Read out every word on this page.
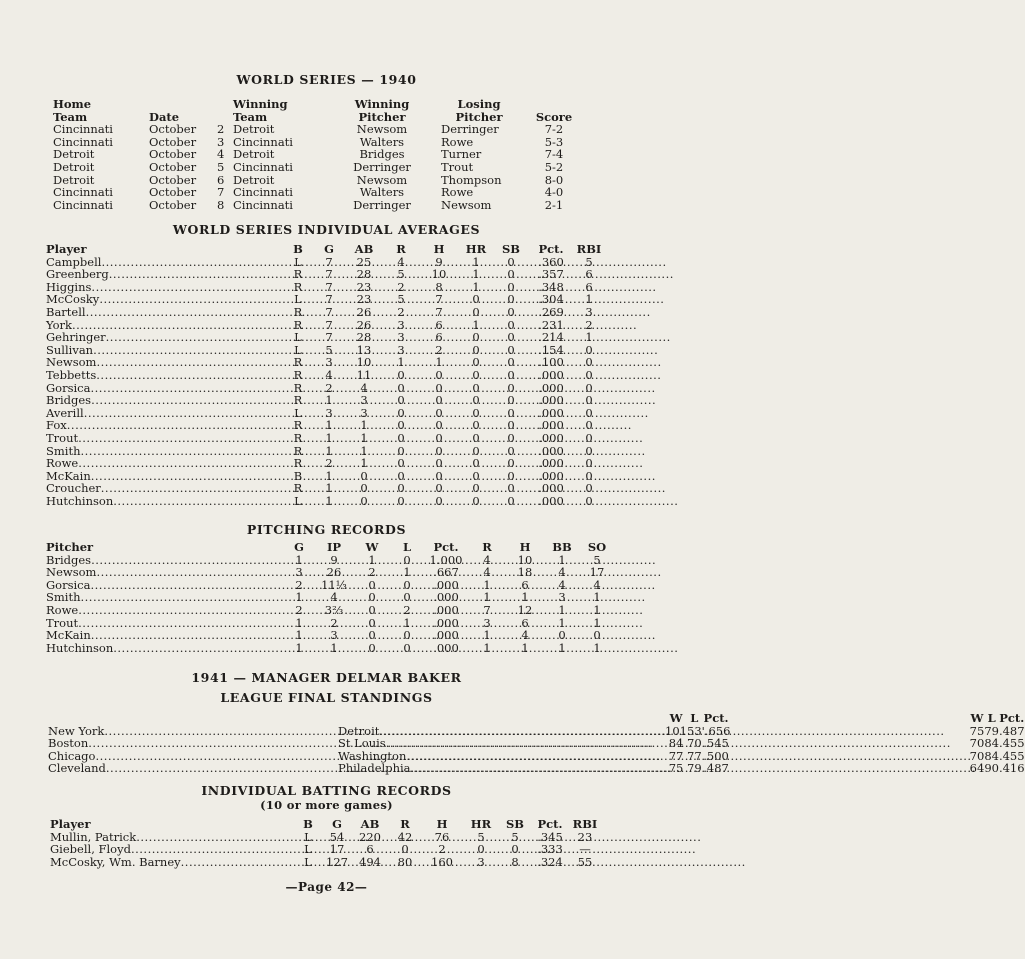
WORLD SERIES — 1940
Home			Winning	Winning	Losing	
Team	Date		Team	Pitcher	Pitcher	Score
Cincinnati	October	2	Detroit	Newsom	Derringer	7-2
Cincinnati	October	3	Cincinnati	Walters	Rowe	5-3
Detroit	October	4	Detroit	Bridges	Turner	7-4
Detroit	October	5	Cincinnati	Derringer	Trout	5-2
Detroit	October	6	Detroit	Newsom	Thompson	8-0
Cincinnati	October	7	Cincinnati	Walters	Rowe	4-0
Cincinnati	October	8	Cincinnati	Derringer	Newsom	2-1
WORLD SERIES INDIVIDUAL AVERAGES
Player	B	G	AB	R	H	HR	SB	Pct.	RBI
Campbell.....	L	7	25	4	9	1	0	.360	5
Greenberg.....	R	7	28	5	10	1	0	.357	6
Higgins.....	R	7	23	2	8	1	0	.348	6
McCosky.....	L	7	23	5	7	0	0	.304	1
Bartell.....	R	7	26	2	7	0	0	.269	3
York.....	R	7	26	3	6	1	0	.231	2
Gehringer.....	L	7	28	3	6	0	0	.214	1
Sullivan.....	L	5	13	3	2	0	0	.154	0
Newsom.....	R	3	10	1	1	0	0	.100	0
Tebbetts.....	R	4	11	0	0	0	0	.000	0
Gorsica.....	R	2	4	0	0	0	0	.000	0
Bridges.....	R	1	3	0	0	0	0	.000	0
Averill.....	L	3	3	0	0	0	0	.000	0
Fox.....	R	1	1	0	0	0	0	.000	0
Trout.....	R	1	1	0	0	0	0	.000	0
Smith.....	R	1	1	0	0	0	0	.000	0
Rowe.....	R	2	1	0	0	0	0	.000	0
McKain.....	B	1	0	0	0	0	0	.000	0
Croucher.....	R	1	0	0	0	0	0	.000	0
Hutchinson.....	L	1	0	0	0	0	0	.000	0
PITCHING RECORDS
Pitcher	G	IP	W	L	Pct.	R	H	BB	SO
Bridges.....	1	9	1	0	1.000	4	10	1	5
Newsom.....	3	26	2	1	.667	4	18	4	17
Gorsica.....	2	11⅓	0	0	.000	1	6	4	4
Smith.....	1	4	0	0	.000	1	1	3	1
Rowe.....	2	3⅔	0	2	.000	7	12	1	1
Trout.....	1	2	0	1	.000	3	6	1	1
McKain.....	1	3	0	0	.000	1	4	0	0
Hutchinson.....	1	1	0	0	.000	1	1	1	1
1941 — MANAGER DELMAR BAKER
LEAGUE FINAL STANDINGS
	W	L	Pct.
New York.....	101	53	'.656
Boston.....	84	70	.545
Chicago.....	77	77	.500
Cleveland.....	75	79	.487
	W	L	Pct.
Detroit.....	75	79	.487
St Louis.....	70	84	.455
Washington.....	70	84	.455
Philadelphia.....	64	90	.416
INDIVIDUAL BATTING RECORDS
(10 or more games)
Player	B	G	AB	R	H	HR	SB	Pct.	RBI
Mullin, Patrick.....	L	54	220	42	76	5	5	.345	23
Giebell, Floyd.....	L	17	6	0	2	0	0	.333	—
McCosky, Wm. Barney.....	L	127	494	80	160	3	8	.324	55
—Page 42—
